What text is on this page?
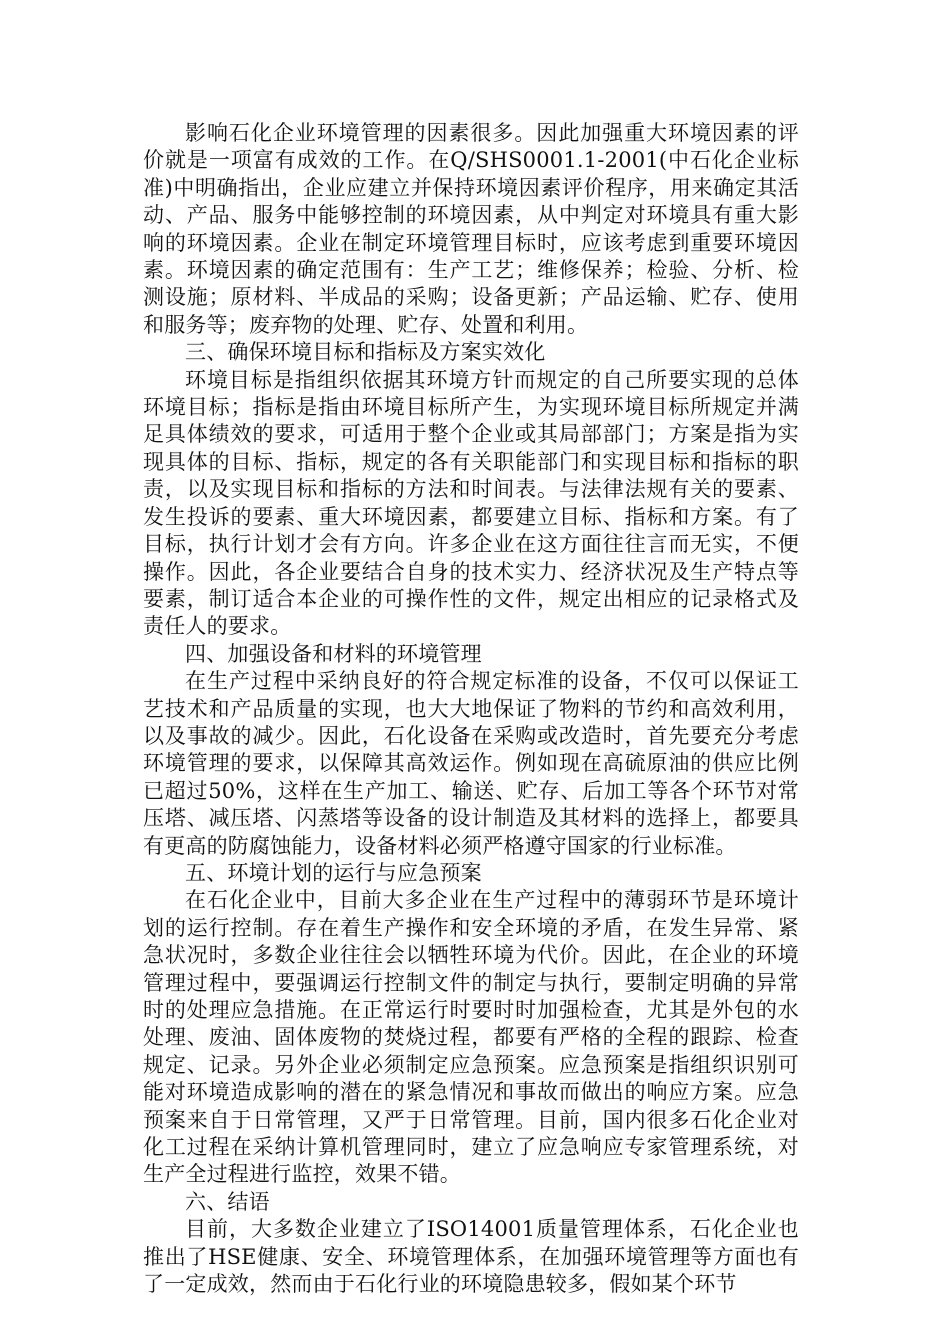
影响石化企业环境管理的因素很多。因此加强重大环境因素的评价就是一项富有成效的工作。在Q/SHS0001.1-2001(中石化企业标准)中明确指出，企业应建立并保持环境因素评价程序，用来确定其活动、产品、服务中能够控制的环境因素，从中判定对环境具有重大影响的环境因素。企业在制定环境管理目标时，应该考虑到重要环境因素。环境因素的确定范围有：生产工艺；维修保养；检验、分析、检测设施；原材料、半成品的采购；设备更新；产品运输、贮存、使用和服务等；废弃物的处理、贮存、处置和利用。

三、确保环境目标和指标及方案实效化

环境目标是指组织依据其环境方针而规定的自己所要实现的总体环境目标；指标是指由环境目标所产生，为实现环境目标所规定并满足具体绩效的要求，可适用于整个企业或其局部部门；方案是指为实现具体的目标、指标，规定的各有关职能部门和实现目标和指标的职责，以及实现目标和指标的方法和时间表。与法律法规有关的要素、发生投诉的要素、重大环境因素，都要建立目标、指标和方案。有了目标，执行计划才会有方向。许多企业在这方面往往言而无实，不便操作。因此，各企业要结合自身的技术实力、经济状况及生产特点等要素，制订适合本企业的可操作性的文件，规定出相应的记录格式及责任人的要求。

四、加强设备和材料的环境管理

在生产过程中采纳良好的符合规定标准的设备，不仅可以保证工艺技术和产品质量的实现，也大大地保证了物料的节约和高效利用，以及事故的减少。因此，石化设备在采购或改造时，首先要充分考虑环境管理的要求，以保障其高效运作。例如现在高硫原油的供应比例已超过50%，这样在生产加工、输送、贮存、后加工等各个环节对常压塔、减压塔、闪蒸塔等设备的设计制造及其材料的选择上，都要具有更高的防腐蚀能力，设备材料必须严格遵守国家的行业标准。

五、环境计划的运行与应急预案

在石化企业中，目前大多企业在生产过程中的薄弱环节是环境计划的运行控制。存在着生产操作和安全环境的矛盾，在发生异常、紧急状况时，多数企业往往会以牺牲环境为代价。因此，在企业的环境管理过程中，要强调运行控制文件的制定与执行，要制定明确的异常时的处理应急措施。在正常运行时要时时加强检查，尤其是外包的水处理、废油、固体废物的焚烧过程，都要有严格的全程的跟踪、检查规定、记录。另外企业必须制定应急预案。应急预案是指组织识别可能对环境造成影响的潜在的紧急情况和事故而做出的响应方案。应急预案来自于日常管理，又严于日常管理。目前，国内很多石化企业对化工过程在采纳计算机管理同时，建立了应急响应专家管理系统，对生产全过程进行监控，效果不错。

六、结语

目前，大多数企业建立了ISO14001质量管理体系，石化企业也推出了HSE健康、安全、环境管理体系，在加强环境管理等方面也有了一定成效，然而由于石化行业的环境隐患较多，假如某个环节
